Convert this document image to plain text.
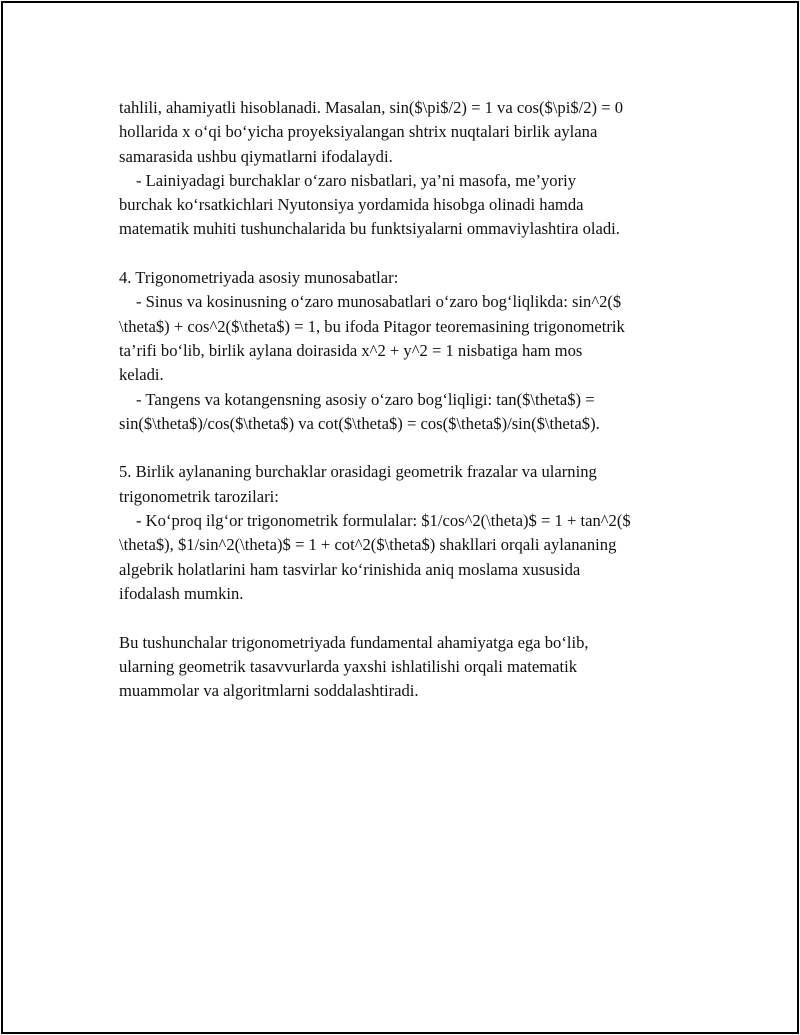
tahlili, ahamiyatli hisoblanadi. Masalan, sin($\pi$/2) = 1 va cos($\pi$/2) = 0
hollarida x o‘qi bo‘yicha proyeksiyalangan shtrix nuqtalari birlik aylana
samarasida ushbu qiymatlarni ifodalaydi.

- Lainiyadagi burchaklar o‘zaro nisbatlari, ya’ni masofa, me’yoriy
burchak ko‘rsatkichlari Nyutonsiya yordamida hisobga olinadi hamda
matematik muhiti tushunchalarida bu funktsiyalarni ommaviylashtira oladi.

4. Trigonometriyada asosiy munosabatlar:

- Sinus va kosinusning o‘zaro munosabatlari o‘zaro bog‘liqlikda: sin^2($
\theta$) + cos^2($\theta$) = 1, bu ifoda Pitagor teoremasining trigonometrik
ta’rifi bo‘lib, birlik aylana doirasida x^2 + y^2 = 1 nisbatiga ham mos
keladi.

- Tangens va kotangensning asosiy o‘zaro bog‘liqligi: tan($\theta$) =
sin($\theta$)/cos($\theta$) va cot($\theta$) = cos($\theta$)/sin($\theta$).

5. Birlik aylananing burchaklar orasidagi geometrik frazalar va ularning
trigonometrik tarozilari:

- Ko‘proq ilg‘or trigonometrik formulalar: $1/cos^2(\theta)$ = 1 + tan^2($
\theta$), $1/sin^2(\theta)$ = 1 + cot^2($\theta$) shakllari orqali aylananing
algebrik holatlarini ham tasvirlar ko‘rinishida aniq moslama xususida
ifodalash mumkin.

Bu tushunchalar trigonometriyada fundamental ahamiyatga ega bo‘lib,
ularning geometrik tasavvurlarda yaxshi ishlatilishi orqali matematik
muammolar va algoritmlarni soddalashtiradi.
